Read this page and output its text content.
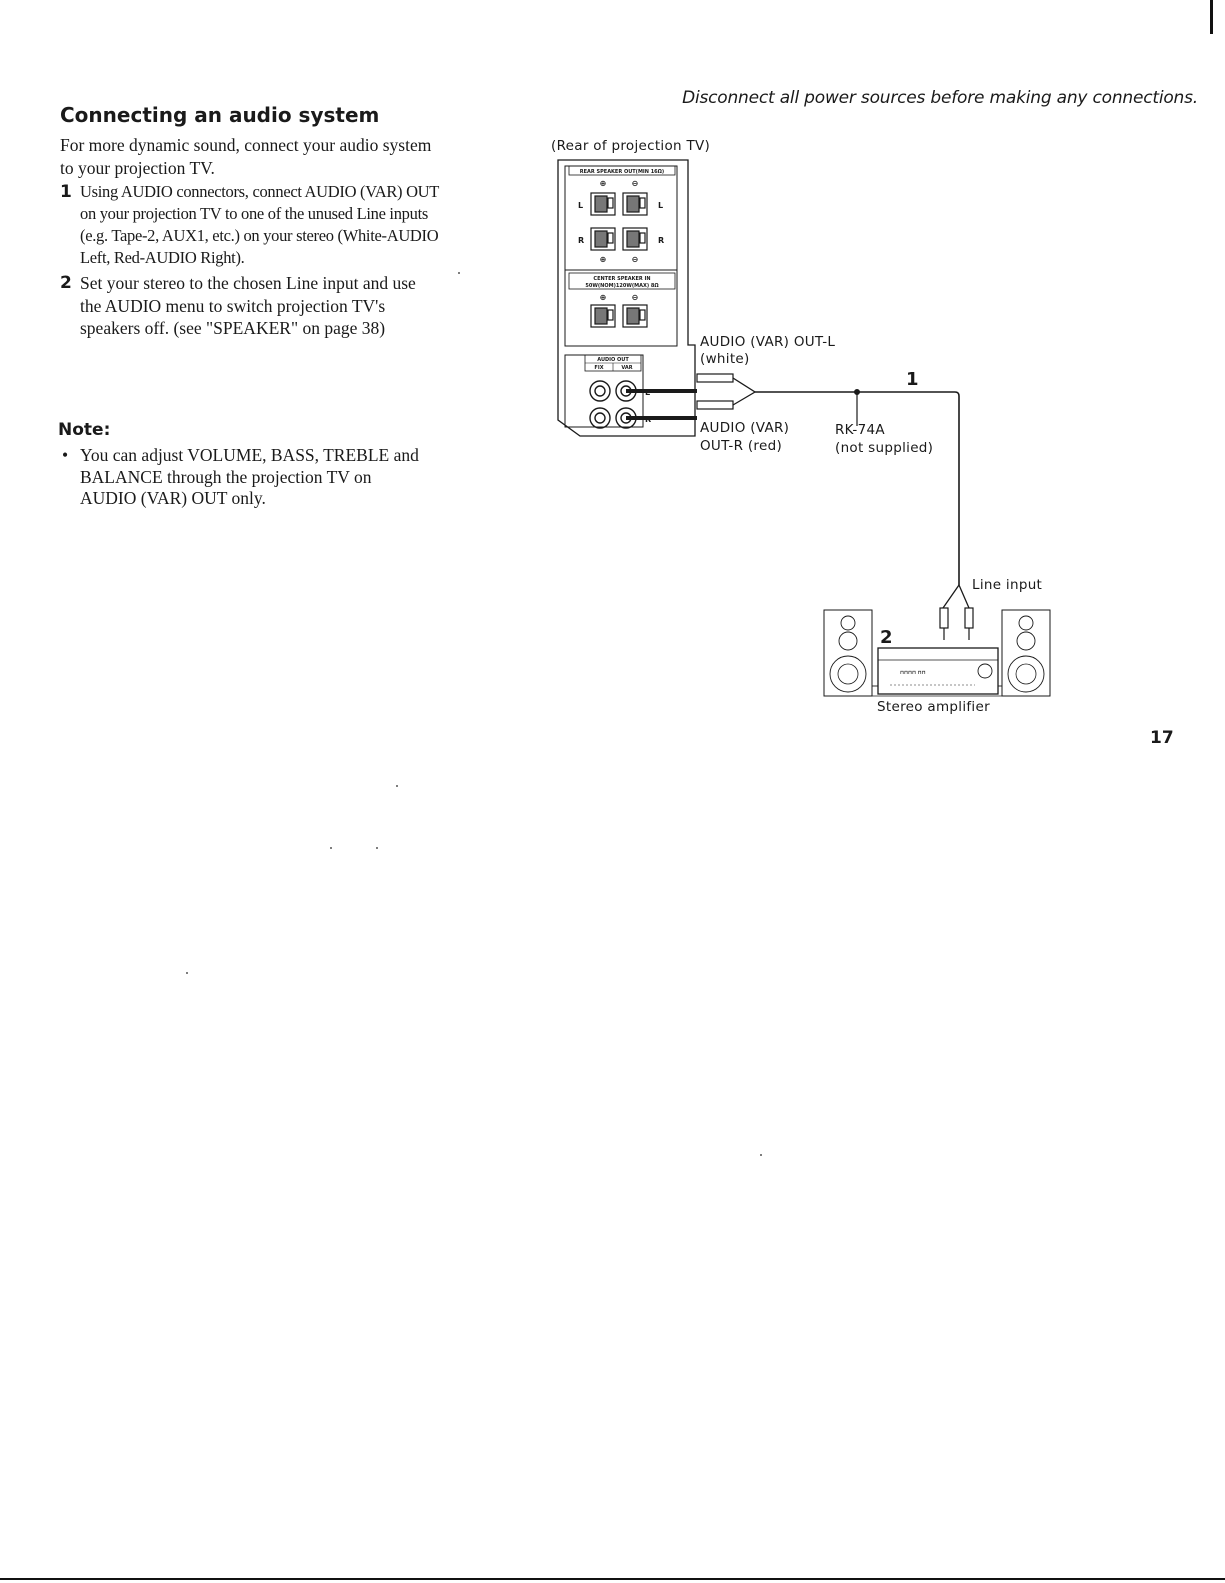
Disconnect all power sources before making any connections.
Connecting an audio system

For more dynamic sound, connect your audio system to your projection TV.

1 Using AUDIO connectors, connect AUDIO (VAR) OUT on your projection TV to one of the unused Line inputs (e.g. Tape-2, AUX1, etc.) on your stereo (White-AUDIO Left, Red-AUDIO Right).
2 Set your stereo to the chosen Line input and use the AUDIO menu to switch projection TV's speakers off. (see "SPEAKER" on page 38)
Note:
• You can adjust VOLUME, BASS, TREBLE and BALANCE through the projection TV on AUDIO (VAR) OUT only.
(Rear of projection TV)
REAR SPEAKER OUT(MIN 16Ω)
⊕	⊖
L	L
R	R
⊕	⊖
CENTER SPEAKER IN
50W(NOM)120W(MAX) 8Ω
⊕	⊖
AUDIO OUT
FIX	VAR
L
R
⊓⊓⊓⊓ ⊓⊓
AUDIO (VAR) OUT-L
(white)
AUDIO (VAR)
OUT-R (red)
RK-74A
(not supplied)
Line input
Stereo amplifier
1
2
17
